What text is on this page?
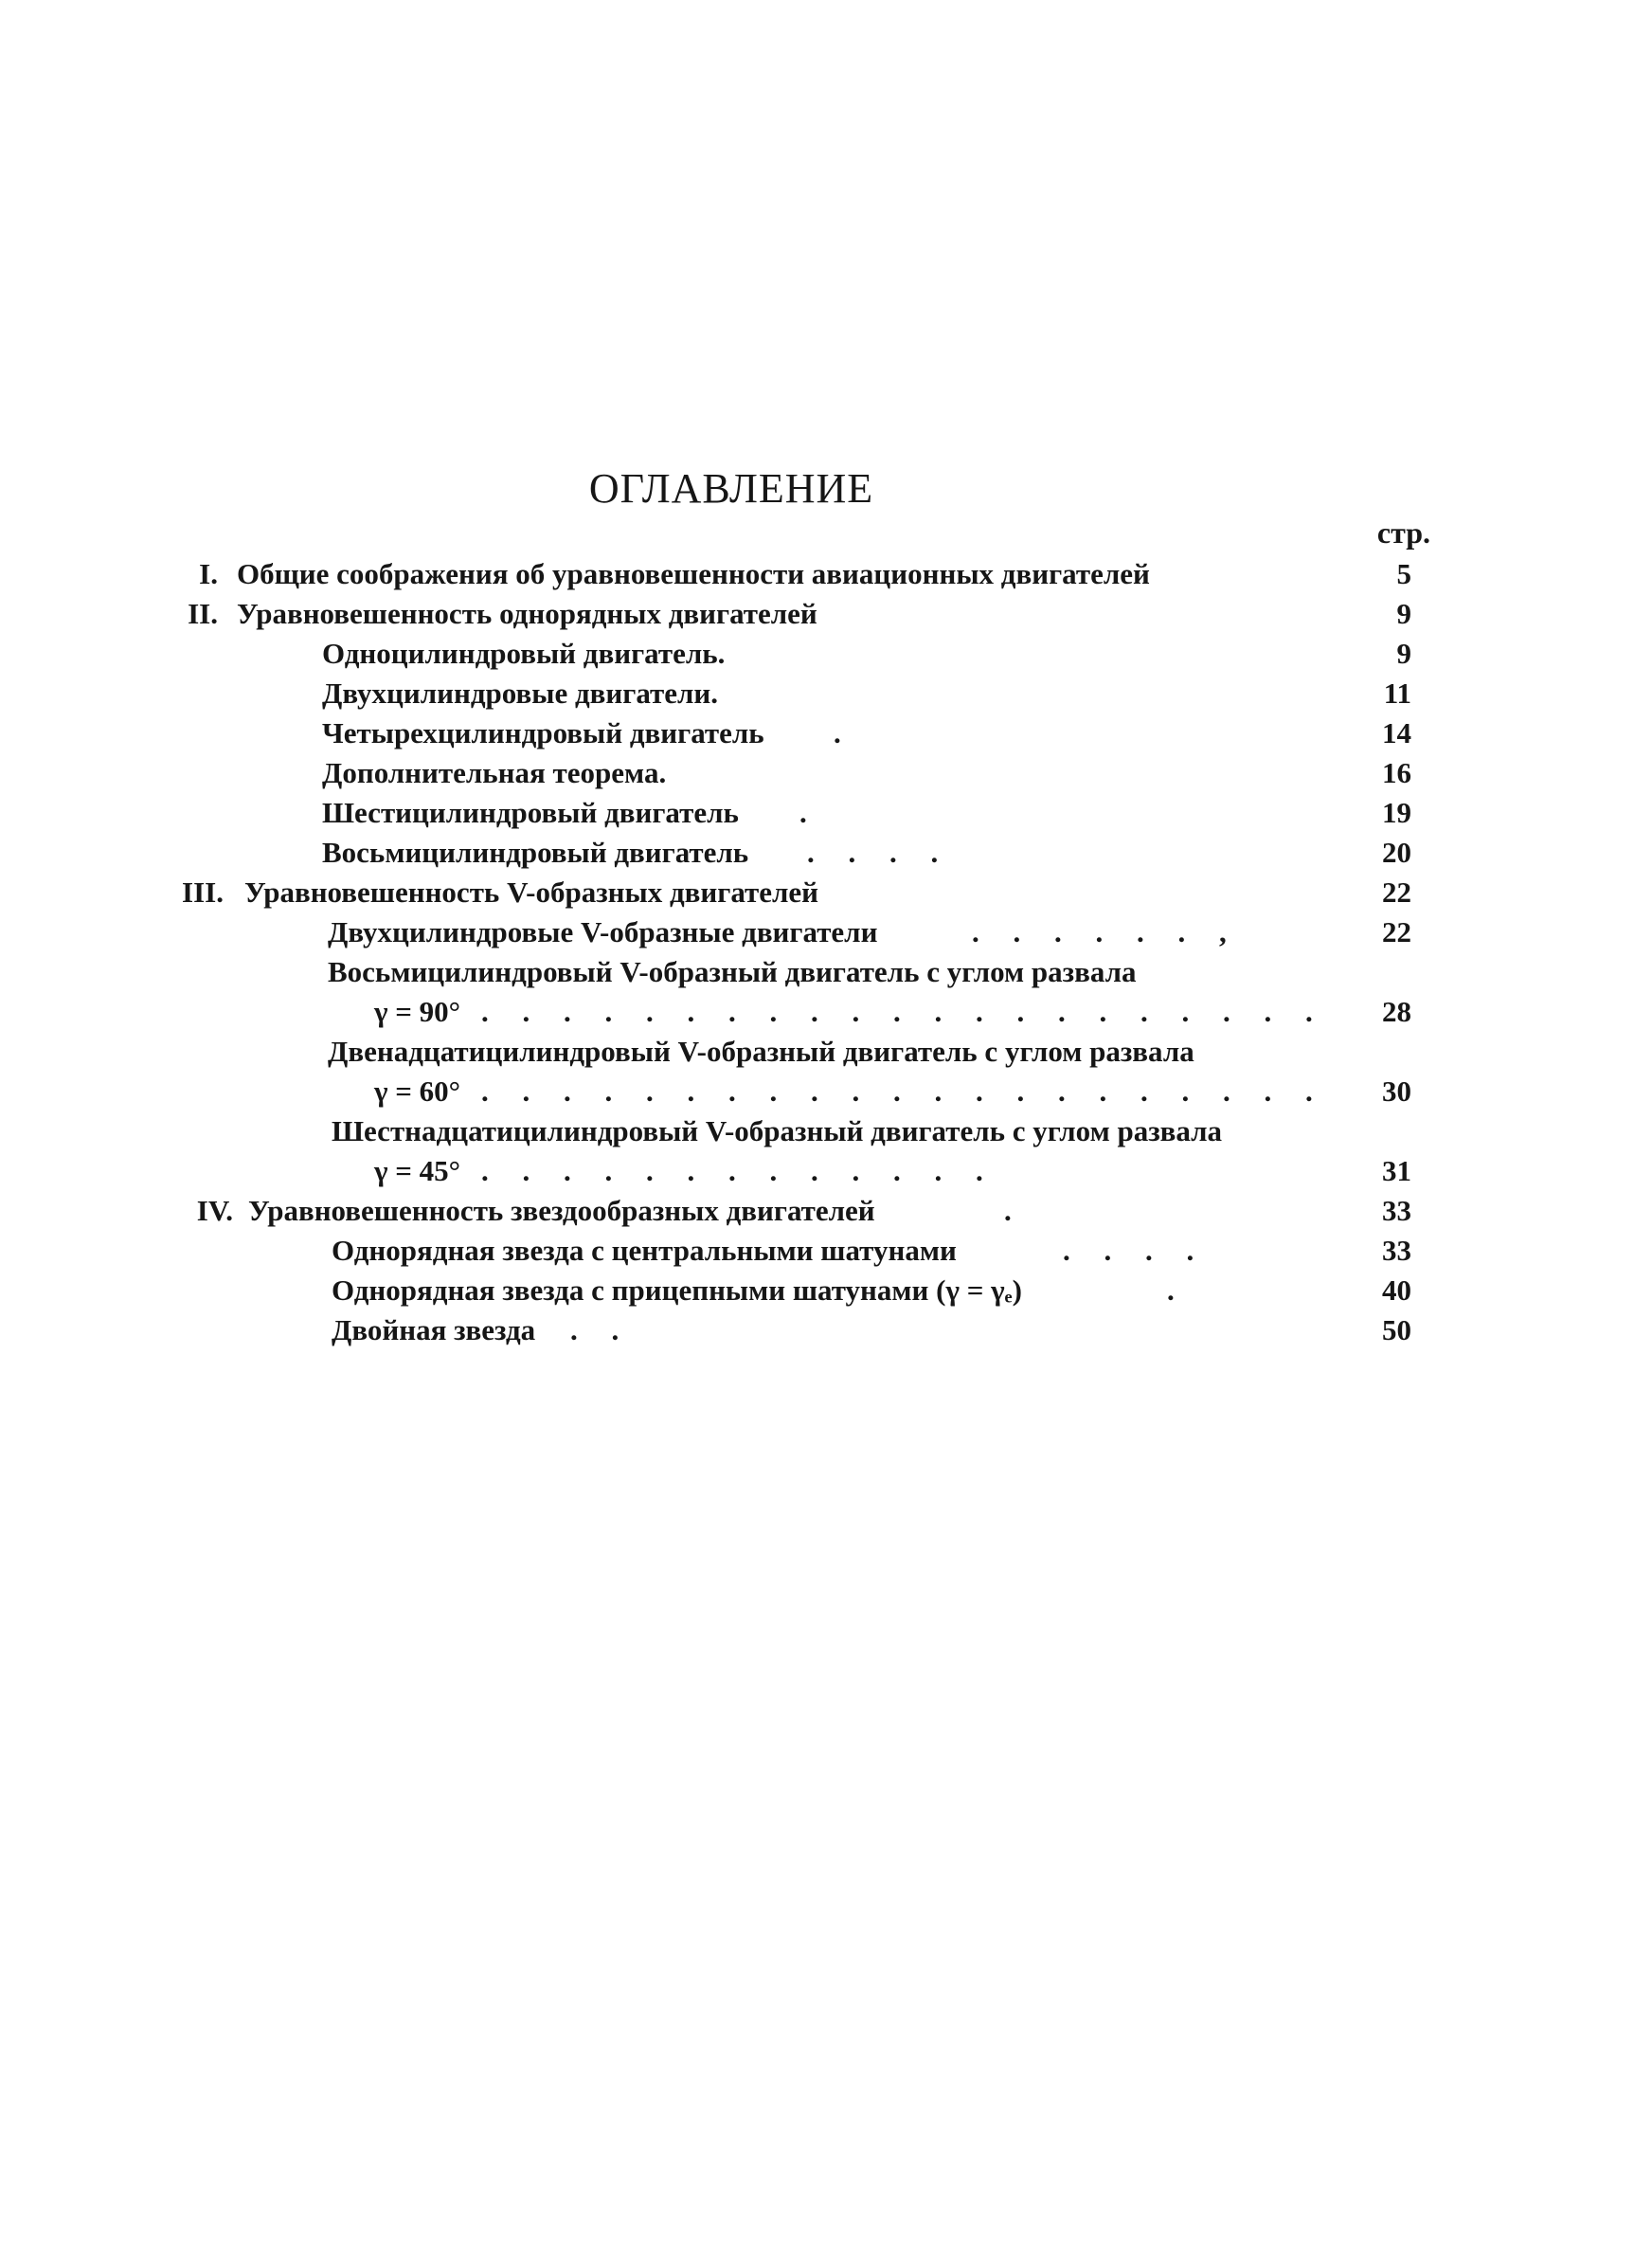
ОГЛАВЛЕНИЕ
стр.
I. Общие соображения об уравновешенности авиационных двигателей	5
II. Уравновешенность однорядных двигателей	9
Одноцилиндровый двигатель.	9
Двухцилиндровые двигатели.	11
Четырехцилиндровый двигатель .	14
Дополнительная теорема.	16
Шестицилиндровый двигатель .	19
Восьмицилиндровый двигатель . . . .	20
III. Уравновешенность V-образных двигателей	22
Двухцилиндровые V-образные двигатели	. . . . . . ,	22
Восьмицилиндровый V-образный двигатель с углом развала
γ = 90° . . . . . . . . . . . . . . . . . . . . .	28
Двенадцатицилиндровый V-образный двигатель с углом развала
γ = 60° . . . . . . . . . . . . . . . . . . . . .	30
Шестнадцатицилиндровый V-образный двигатель с углом развала
γ = 45° . . . . . . . . . . . . .	31
IV. Уравновешенность звездообразных двигателей	.	33
Однорядная звезда с центральными шатунами	. . . .	33
Однорядная звезда с прицепными шатунами (γ = γₑ)	.	40
Двойная звезда . .	50
